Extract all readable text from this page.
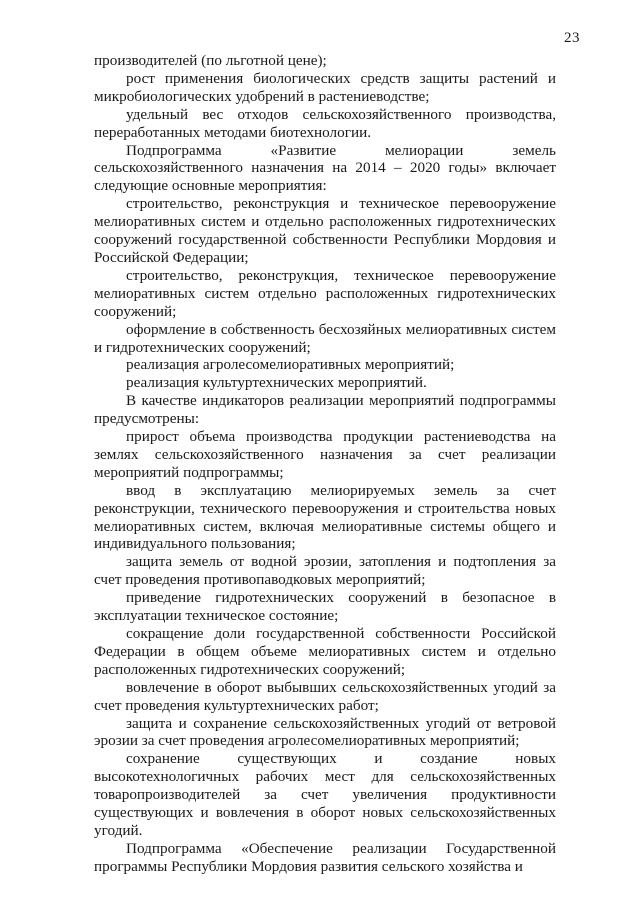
23

производителей (по льготной цене);

рост применения биологических средств защиты растений и микробиологических удобрений в растениеводстве;

удельный вес отходов сельскохозяйственного производства, переработанных методами биотехнологии.

Подпрограмма «Развитие мелиорации земель сельскохозяйственного назначения на 2014 – 2020 годы» включает следующие основные мероприятия:

строительство, реконструкция и техническое перевооружение мелиоративных систем и отдельно расположенных гидротехнических сооружений государственной собственности Республики Мордовия и Российской Федерации;

строительство, реконструкция, техническое перевооружение мелиоративных систем отдельно расположенных гидротехнических сооружений;

оформление в собственность бесхозяйных мелиоративных систем и гидротехнических сооружений;

реализация агролесомелиоративных мероприятий;

реализация культуртехнических мероприятий.

В качестве индикаторов реализации мероприятий подпрограммы предусмотрены:

прирост объема производства продукции растениеводства на землях сельскохозяйственного назначения за счет реализации мероприятий подпрограммы;

ввод в эксплуатацию мелиорируемых земель за счет реконструкции, технического перевооружения и строительства новых мелиоративных систем, включая мелиоративные системы общего и индивидуального пользования;

защита земель от водной эрозии, затопления и подтопления за счет проведения противопаводковых мероприятий;

приведение гидротехнических сооружений в безопасное в эксплуатации техническое состояние;

сокращение доли государственной собственности Российской Федерации в общем объеме мелиоративных систем и отдельно расположенных гидротехнических сооружений;

вовлечение в оборот выбывших сельскохозяйственных угодий за счет проведения культуртехнических работ;

защита и сохранение сельскохозяйственных угодий от ветровой эрозии за счет проведения агролесомелиоративных мероприятий;

сохранение существующих и создание новых высокотехнологичных рабочих мест для сельскохозяйственных товаропроизводителей за счет увеличения продуктивности существующих и вовлечения в оборот новых сельскохозяйственных угодий.

Подпрограмма «Обеспечение реализации Государственной программы Республики Мордовия развития сельского хозяйства и
